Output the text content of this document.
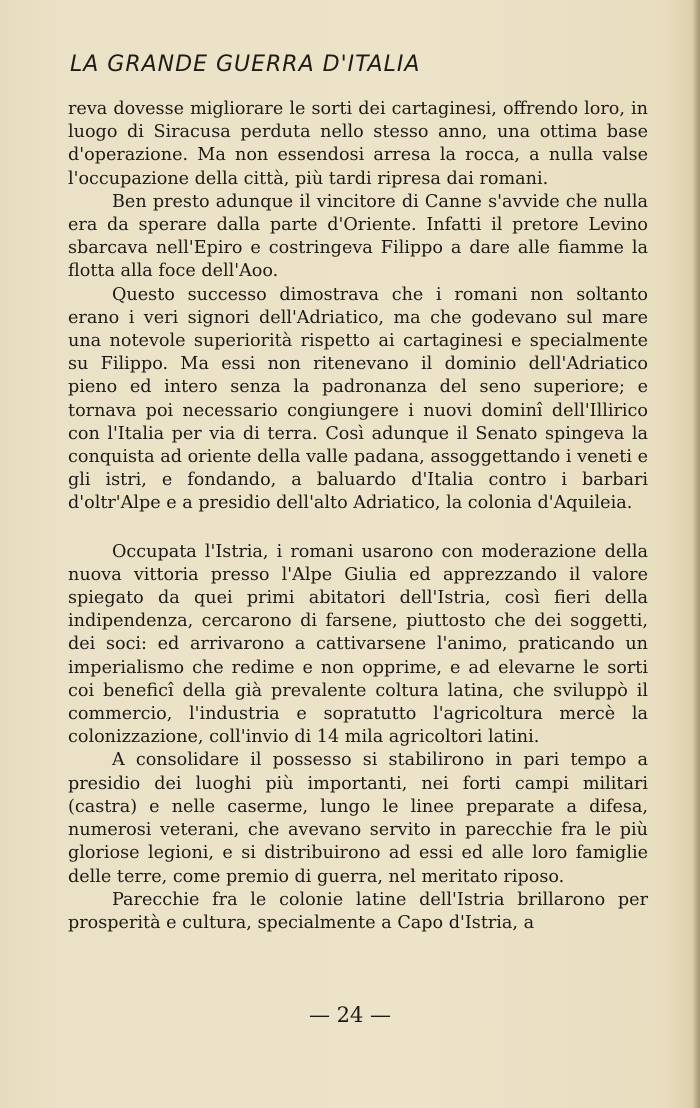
LA GRANDE GUERRA D'ITALIA

reva dovesse migliorare le sorti dei cartaginesi, offrendo loro, in luogo di Siracusa perduta nello stesso anno, una ottima base d'operazione. Ma non essendosi arresa la rocca, a nulla valse l'occupazione della città, più tardi ripresa dai romani.

Ben presto adunque il vincitore di Canne s'avvide che nulla era da sperare dalla parte d'Oriente. Infatti il pretore Levino sbarcava nell'Epiro e costringeva Filippo a dare alle fiamme la flotta alla foce dell'Aoo.

Questo successo dimostrava che i romani non soltanto erano i veri signori dell'Adriatico, ma che godevano sul mare una notevole superiorità rispetto ai cartaginesi e specialmente su Filippo. Ma essi non ritenevano il dominio dell'Adriatico pieno ed intero senza la padronanza del seno superiore; e tornava poi necessario congiungere i nuovi dominî dell'Illirico con l'Italia per via di terra. Così adunque il Senato spingeva la conquista ad oriente della valle padana, assoggettando i veneti e gli istri, e fondando, a baluardo d'Italia contro i barbari d'oltr'Alpe e a presidio dell'alto Adriatico, la colonia d'Aquileia.

Occupata l'Istria, i romani usarono con moderazione della nuova vittoria presso l'Alpe Giulia ed apprezzando il valore spiegato da quei primi abitatori dell'Istria, così fieri della indipendenza, cercarono di farsene, piuttosto che dei soggetti, dei soci: ed arrivarono a cattivarsene l'animo, praticando un imperialismo che redime e non opprime, e ad elevarne le sorti coi beneficî della già prevalente coltura latina, che sviluppò il commercio, l'industria e sopratutto l'agricoltura mercè la colonizzazione, coll'invio di 14 mila agricoltori latini.

A consolidare il possesso si stabilirono in pari tempo a presidio dei luoghi più importanti, nei forti campi militari (castra) e nelle caserme, lungo le linee preparate a difesa, numerosi veterani, che avevano servito in parecchie fra le più gloriose legioni, e si distribuirono ad essi ed alle loro famiglie delle terre, come premio di guerra, nel meritato riposo.

Parecchie fra le colonie latine dell'Istria brillarono per prosperità e cultura, specialmente a Capo d'Istria, a

— 24 —
